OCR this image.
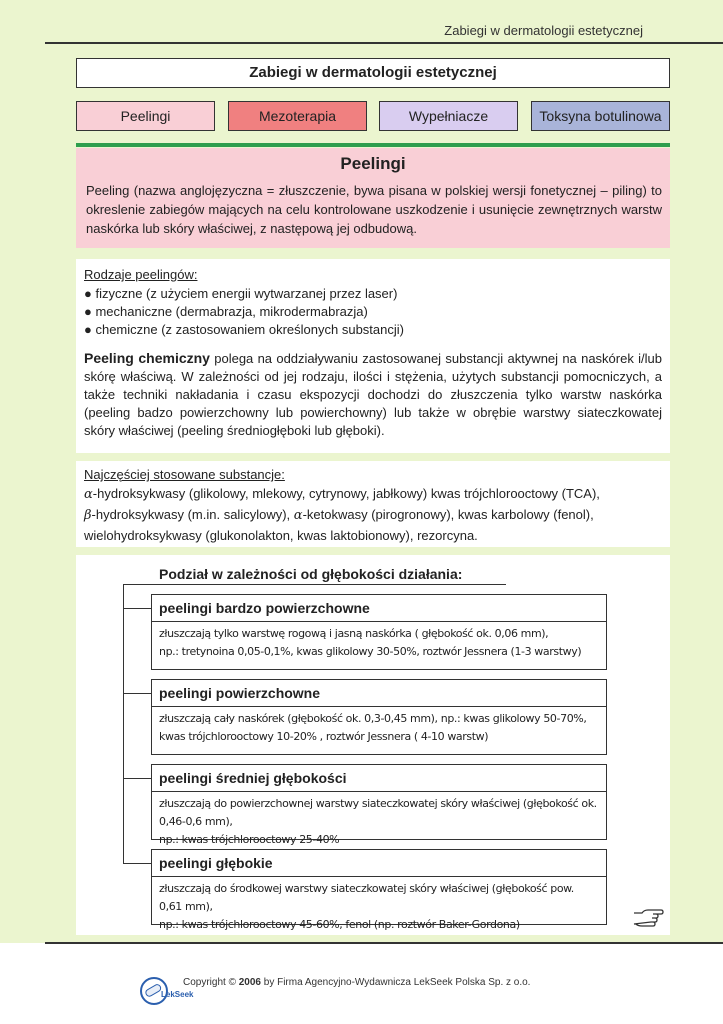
Zabiegi w dermatologii estetycznej
Zabiegi w dermatologii estetycznej
Peelingi	Mezoterapia	Wypełniacze	Toksyna botulinowa
Peelingi
Peeling (nazwa anglojęzyczna = złuszczenie, bywa pisana w polskiej wersji fonetycznej – piling) to okreslenie zabiegów mających na celu kontrolowane uszkodzenie i usunięcie zewnętrznych warstw naskórka lub skóry właściwej, z następową jej odbudową.
Rodzaje peelingów:
● fizyczne (z użyciem energii wytwarzanej przez laser)
● mechaniczne (dermabrazja, mikrodermabrazja)
● chemiczne (z zastosowaniem określonych substancji)
Peeling chemiczny polega na oddziaływaniu zastosowanej substancji aktywnej na naskórek i/lub skórę właściwą. W zależności od jej rodzaju, ilości i stężenia, użytych substancji pomocniczych, a także techniki nakładania i czasu ekspozycji dochodzi do złuszczenia tylko warstw naskórka (peeling badzo powierzchowny lub powierchowny) lub także w obrębie warstwy siateczkowatej skóry właściwej (peeling średniogłęboki lub głęboki).
Najczęściej stosowane substancje:
α-hydroksykwasy (glikolowy, mlekowy, cytrynowy, jabłkowy) kwas trójchlorooctowy (TCA),
β-hydroksykwasy (m.in. salicylowy), α-ketokwasy (pirogronowy), kwas karbolowy (fenol),
wielohydroksykwasy (glukonolakton, kwas laktobionowy), rezorcyna.
Podział w zależności od głębokości działania:
peelingi bardzo powierzchowne
złuszczają tylko warstwę rogową i jasną naskórka ( głębokość ok. 0,06 mm),
np.: tretynoina 0,05-0,1%, kwas glikolowy 30-50%, roztwór Jessnera (1-3 warstwy)
peelingi powierzchowne
złuszczają cały naskórek (głębokość ok. 0,3-0,45 mm), np.: kwas glikolowy 50-70%,
kwas trójchlorooctowy 10-20% , roztwór Jessnera ( 4-10 warstw)
peelingi średniej głębokości
złuszczają do powierzchownej warstwy siateczkowatej skóry właściwej (głębokość ok. 0,46-0,6 mm),
np.: kwas trójchlorooctowy 25-40%
peelingi głębokie
złuszczają do środkowej warstwy siateczkowatej skóry właściwej (głębokość pow. 0,61 mm),
np.: kwas trójchlorooctowy 45-60%, fenol (np. roztwór Baker-Gordona)
LekSeek
Copyright © 2006 by Firma Agencyjno-Wydawnicza LekSeek Polska Sp. z o.o.
